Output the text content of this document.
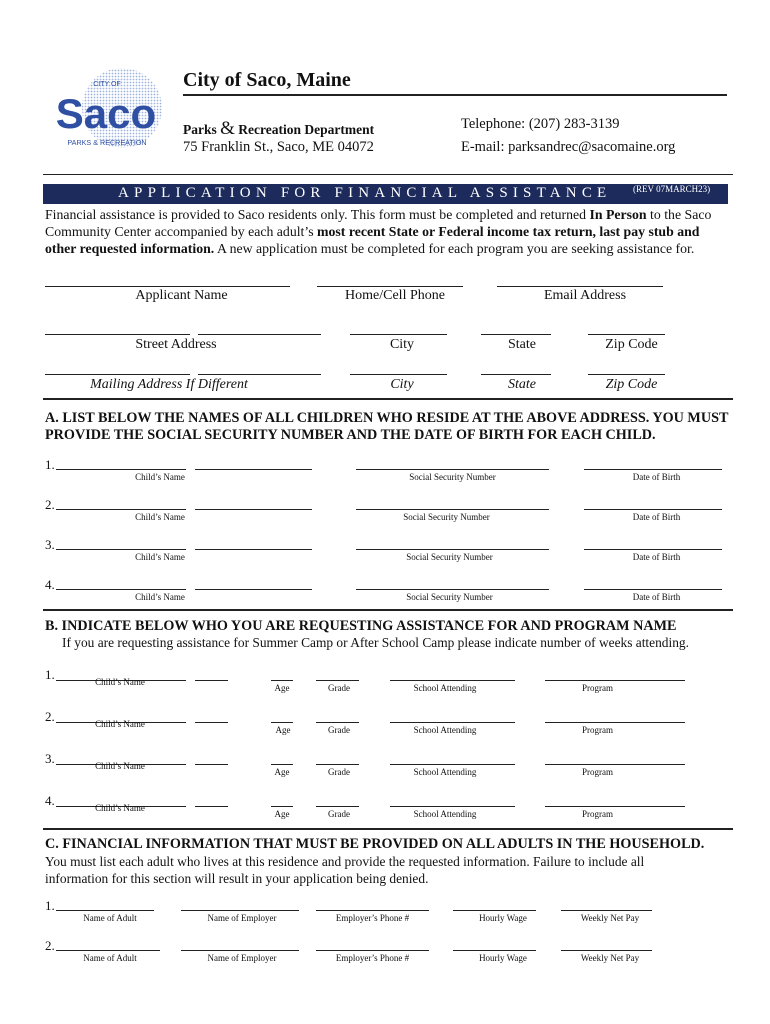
CITY OF
Saco
PARKS & RECREATION
City of Saco, Maine
Parks & Recreation Department
75 Franklin St., Saco, ME 04072
Telephone: (207) 283-3139
E-mail: parksandrec@sacomaine.org
APPLICATION FOR FINANCIAL ASSISTANCE (REV 07MARCH23)
Financial assistance is provided to Saco residents only. This form must be completed and returned In Person to the Saco Community Center accompanied by each adult’s most recent State or Federal income tax return, last pay stub and other requested information. A new application must be completed for each program you are seeking assistance for.
Applicant Name	Home/Cell Phone	Email Address
Street Address	City	State	Zip Code
Mailing Address If Different	City	State	Zip Code
A. LIST BELOW THE NAMES OF ALL CHILDREN WHO RESIDE AT THE ABOVE ADDRESS. YOU MUST PROVIDE THE SOCIAL SECURITY NUMBER AND THE DATE OF BIRTH FOR EACH CHILD.
1.
Child’s Name	Social Security Number	Date of Birth
2.
Child’s Name	Social Security Number	Date of Birth
3.
Child’s Name	Social Security Number	Date of Birth
4.
Child’s Name	Social Security Number	Date of Birth
B. INDICATE BELOW WHO YOU ARE REQUESTING ASSISTANCE FOR AND PROGRAM NAME
If you are requesting assistance for Summer Camp or After School Camp please indicate number of weeks attending.
1.	Child’s Name
Age	Grade	School Attending	Program
2.	Child’s Name
Age	Grade	School Attending	Program
3.	Child’s Name
Age	Grade	School Attending	Program
4.	Child’s Name
Age	Grade	School Attending	Program
C. FINANCIAL INFORMATION THAT MUST BE PROVIDED ON ALL ADULTS IN THE HOUSEHOLD.
You must list each adult who lives at this residence and provide the requested information. Failure to include all information for this section will result in your application being denied.
1.
Name of Adult	Name of Employer	Employer’s Phone #	Hourly Wage	Weekly Net Pay
2.
Name of Adult	Name of Employer	Employer’s Phone #	Hourly Wage	Weekly Net Pay
